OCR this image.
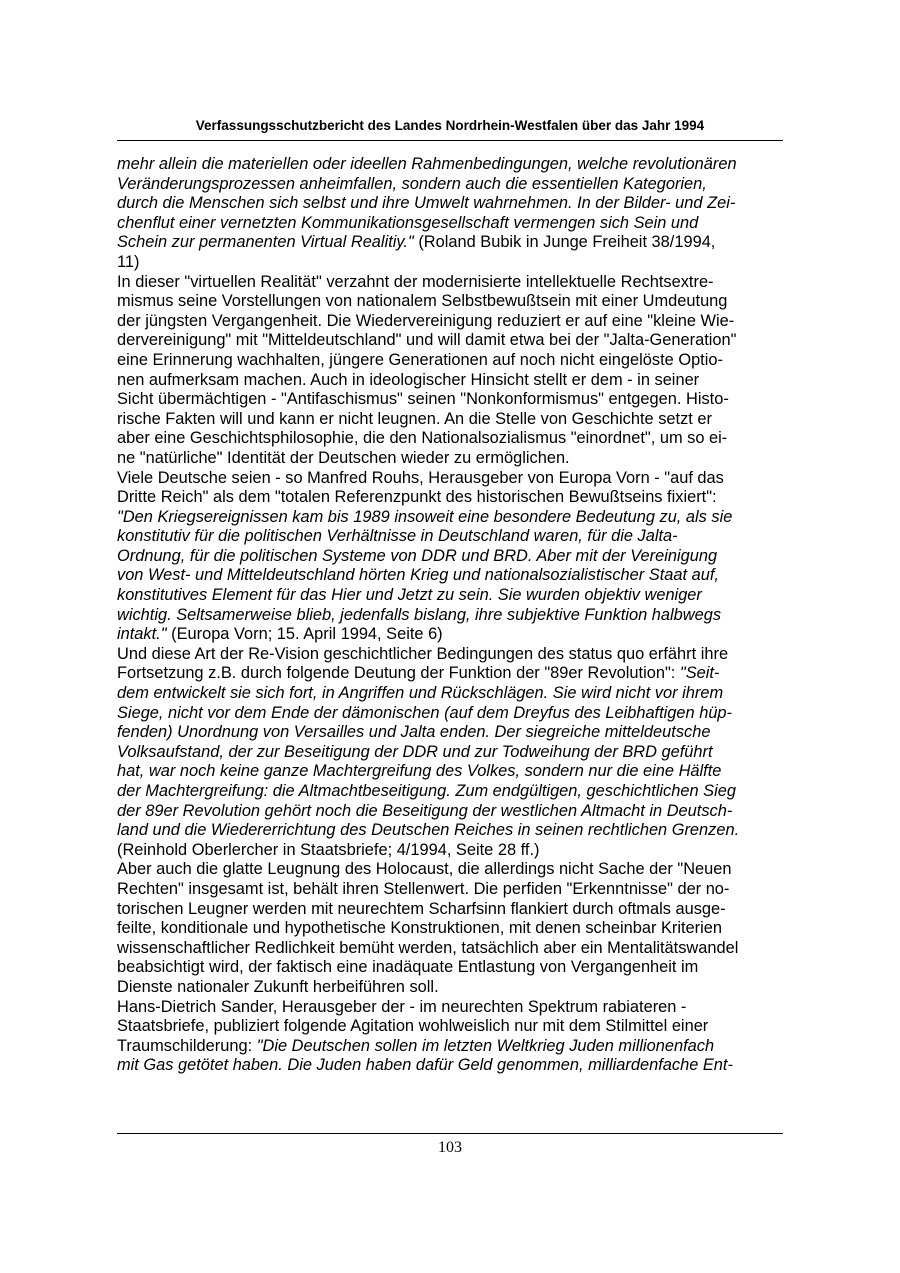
Verfassungsschutzbericht des Landes Nordrhein-Westfalen über das Jahr 1994

mehr allein die materiellen oder ideellen Rahmenbedingungen, welche revolutionären
Veränderungsprozessen anheimfallen, sondern auch die essentiellen Kategorien,
durch die Menschen sich selbst und ihre Umwelt wahrnehmen. In der Bilder- und Zei-
chenflut einer vernetzten Kommunikationsgesellschaft vermengen sich Sein und
Schein zur permanenten Virtual Realitiy." (Roland Bubik in Junge Freiheit 38/1994,
11)

In dieser "virtuellen Realität" verzahnt der modernisierte intellektuelle Rechtsextre-
mismus seine Vorstellungen von nationalem Selbstbewußtsein mit einer Umdeutung
der jüngsten Vergangenheit. Die Wiedervereinigung reduziert er auf eine "kleine Wie-
dervereinigung" mit "Mitteldeutschland" und will damit etwa bei der "Jalta-Generation"
eine Erinnerung wachhalten, jüngere Generationen auf noch nicht eingelöste Optio-
nen aufmerksam machen. Auch in ideologischer Hinsicht stellt er dem - in seiner
Sicht übermächtigen - "Antifaschismus" seinen "Nonkonformismus" entgegen. Histo-
rische Fakten will und kann er nicht leugnen. An die Stelle von Geschichte setzt er
aber eine Geschichtsphilosophie, die den Nationalsozialismus "einordnet", um so ei-
ne "natürliche" Identität der Deutschen wieder zu ermöglichen.

Viele Deutsche seien - so Manfred Rouhs, Herausgeber von Europa Vorn - "auf das
Dritte Reich" als dem "totalen Referenzpunkt des historischen Bewußtseins fixiert":
"Den Kriegsereignissen kam bis 1989 insoweit eine besondere Bedeutung zu, als sie
konstitutiv für die politischen Verhältnisse in Deutschland waren, für die Jalta-
Ordnung, für die politischen Systeme von DDR und BRD. Aber mit der Vereinigung
von West- und Mitteldeutschland hörten Krieg und nationalsozialistischer Staat auf,
konstitutives Element für das Hier und Jetzt zu sein. Sie wurden objektiv weniger
wichtig. Seltsamerweise blieb, jedenfalls bislang, ihre subjektive Funktion halbwegs
intakt." (Europa Vorn; 15. April 1994, Seite 6)

Und diese Art der Re-Vision geschichtlicher Bedingungen des status quo erfährt ihre
Fortsetzung z.B. durch folgende Deutung der Funktion der "89er Revolution": "Seit-
dem entwickelt sie sich fort, in Angriffen und Rückschlägen. Sie wird nicht vor ihrem
Siege, nicht vor dem Ende der dämonischen (auf dem Dreyfus des Leibhaftigen hüp-
fenden) Unordnung von Versailles und Jalta enden. Der siegreiche mitteldeutsche
Volksaufstand, der zur Beseitigung der DDR und zur Todweihung der BRD geführt
hat, war noch keine ganze Machtergreifung des Volkes, sondern nur die eine Hälfte
der Machtergreifung: die Altmachtbeseitigung. Zum endgültigen, geschichtlichen Sieg
der 89er Revolution gehört noch die Beseitigung der westlichen Altmacht in Deutsch-
land und die Wiedererrichtung des Deutschen Reiches in seinen rechtlichen Grenzen.
(Reinhold Oberlercher in Staatsbriefe; 4/1994, Seite 28 ff.)

Aber auch die glatte Leugnung des Holocaust, die allerdings nicht Sache der "Neuen
Rechten" insgesamt ist, behält ihren Stellenwert. Die perfiden "Erkenntnisse" der no-
torischen Leugner werden mit neurechtem Scharfsinn flankiert durch oftmals ausge-
feilte, konditionale und hypothetische Konstruktionen, mit denen scheinbar Kriterien
wissenschaftlicher Redlichkeit bemüht werden, tatsächlich aber ein Mentalitätswandel
beabsichtigt wird, der faktisch eine inadäquate Entlastung von Vergangenheit im
Dienste nationaler Zukunft herbeiführen soll.

Hans-Dietrich Sander, Herausgeber der - im neurechten Spektrum rabiateren -
Staatsbriefe, publiziert folgende Agitation wohlweislich nur mit dem Stilmittel einer
Traumschilderung: "Die Deutschen sollen im letzten Weltkrieg Juden millionenfach
mit Gas getötet haben. Die Juden haben dafür Geld genommen, milliardenfache Ent-

103
